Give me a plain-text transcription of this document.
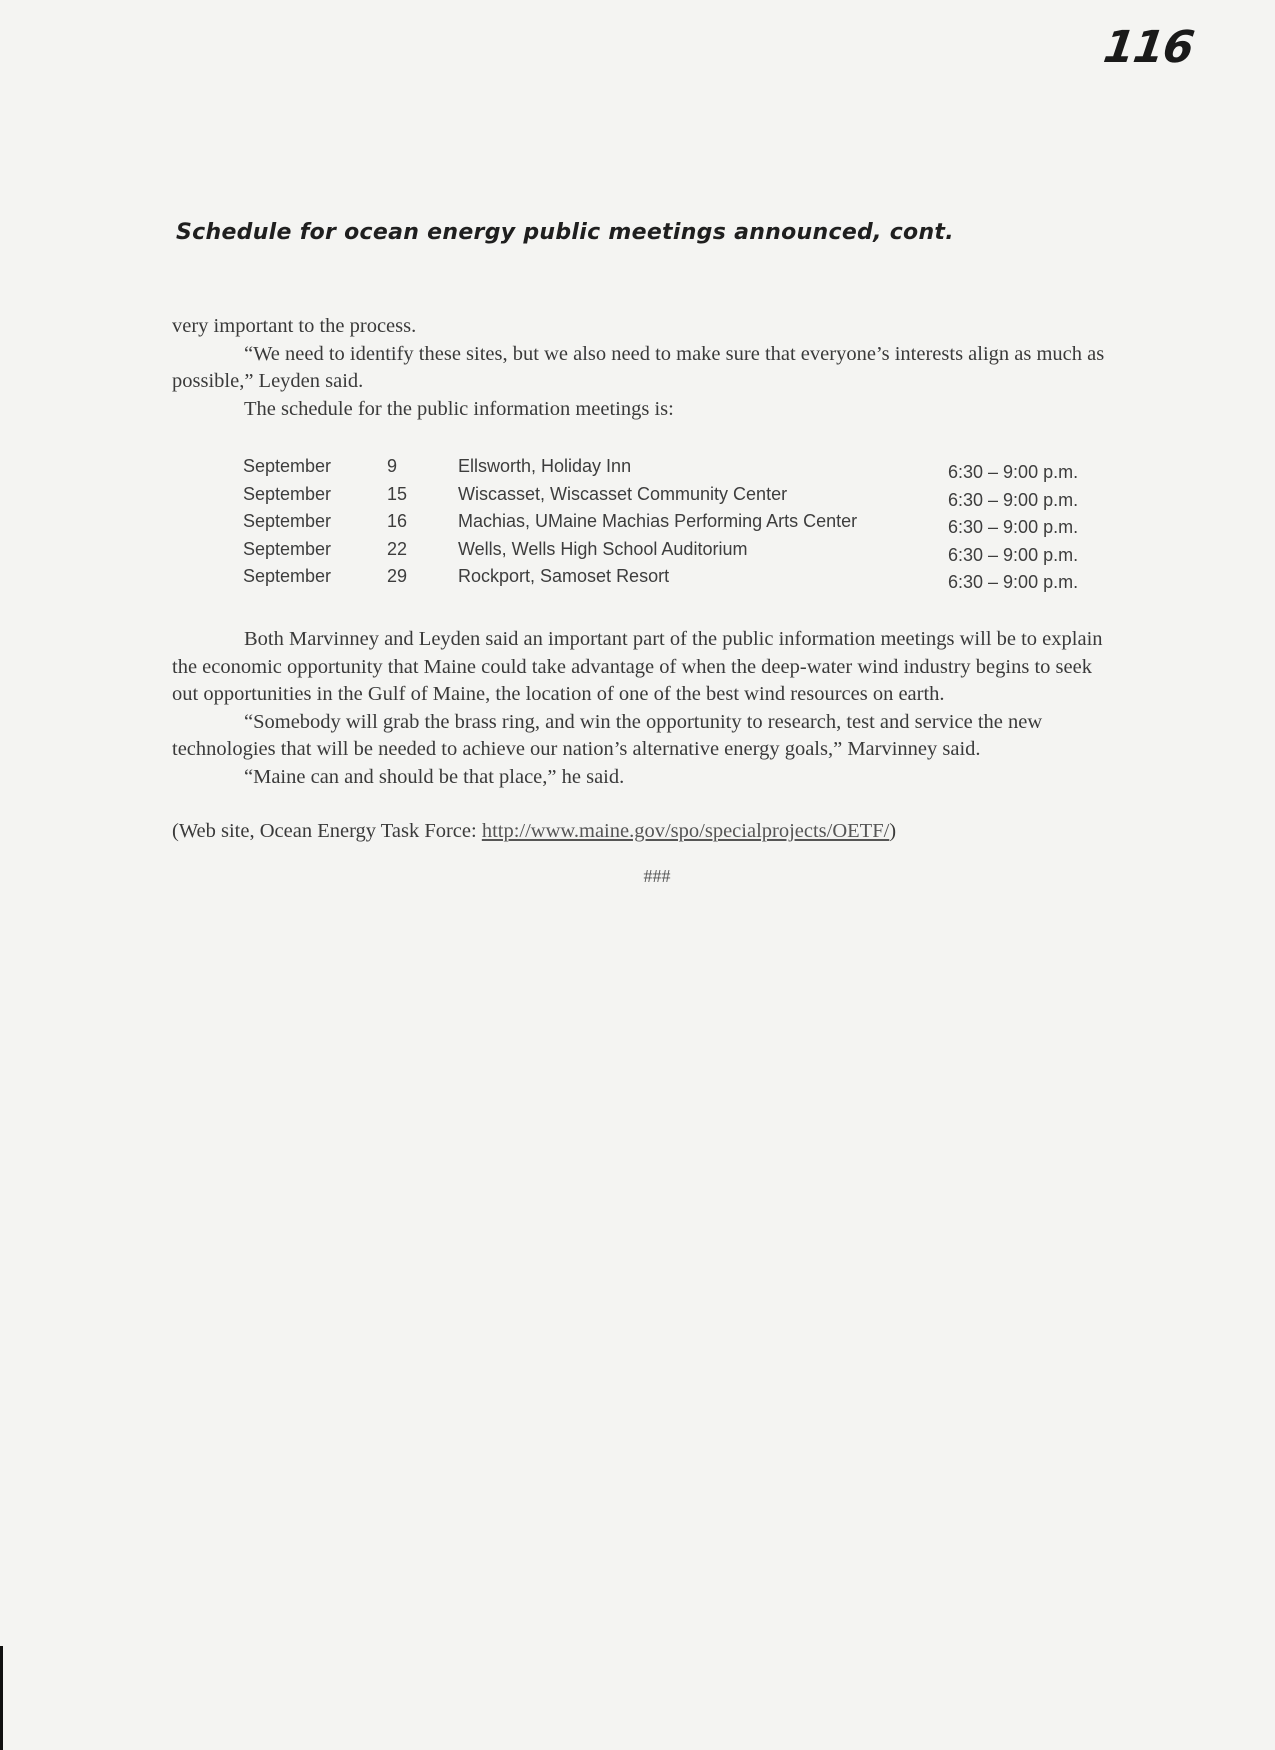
116
Schedule for ocean energy public meetings announced, cont.

very important to the process.

“We need to identify these sites, but we also need to make sure that everyone’s interests align as much as possible,” Leyden said.

The schedule for the public information meetings is:

September	9	Ellsworth, Holiday Inn	6:30 – 9:00 p.m.
September	15	Wiscasset, Wiscasset Community Center	6:30 – 9:00 p.m.
September	16	Machias, UMaine Machias Performing Arts Center	6:30 – 9:00 p.m.
September	22	Wells, Wells High School Auditorium	6:30 – 9:00 p.m.
September	29	Rockport, Samoset Resort	6:30 – 9:00 p.m.

Both Marvinney and Leyden said an important part of the public information meetings will be to explain the economic opportunity that Maine could take advantage of when the deep-water wind industry begins to seek out opportunities in the Gulf of Maine, the location of one of the best wind resources on earth.

“Somebody will grab the brass ring, and win the opportunity to research, test and service the new technologies that will be needed to achieve our nation’s alternative energy goals,” Marvinney said.

“Maine can and should be that place,” he said.

(Web site, Ocean Energy Task Force: http://www.maine.gov/spo/specialprojects/OETF/)

###
